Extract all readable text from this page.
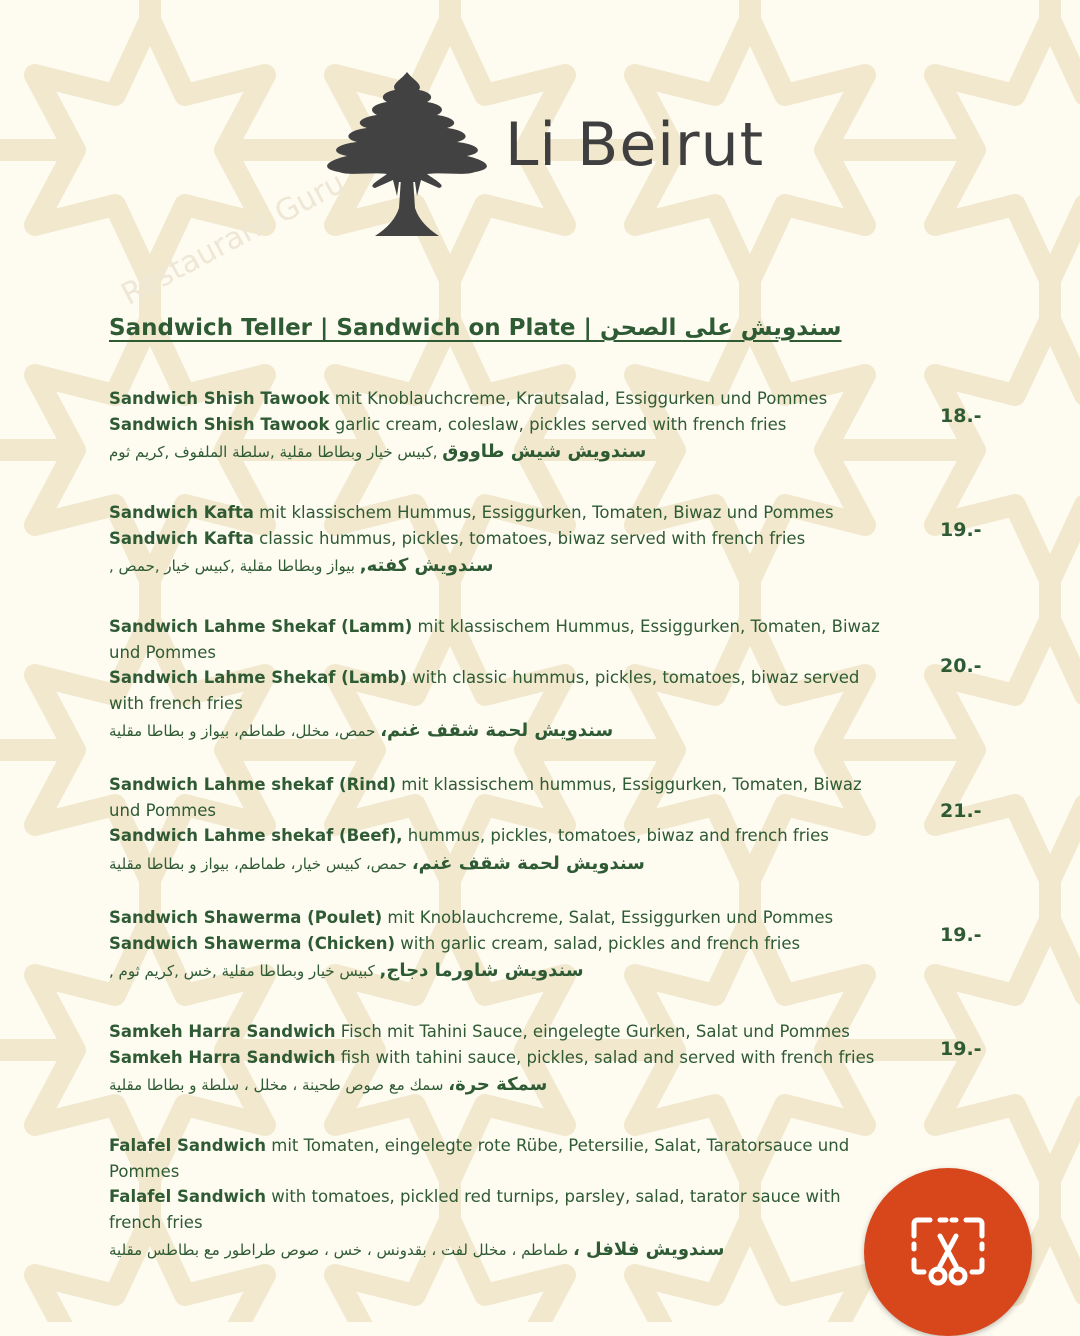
Restaurant Guru
Li Beirut
Sandwich Teller | Sandwich on Plate | سندويش على الصحن
Sandwich Shish Tawook mit Knoblauchcreme, Krautsalad, Essiggurken und Pommes
Sandwich Shish Tawook garlic cream, coleslaw, pickles served with french fries
سندويش شيش طاووق ,كبيس خيار وبطاطا مقلية ,سلطة الملفوف ,كريم ثوم
18.-
Sandwich Kafta mit klassischem Hummus, Essiggurken, Tomaten, Biwaz und Pommes
Sandwich Kafta classic hummus, pickles, tomatoes, biwaz served with french fries
سندويش كفته, بيواز وبطاطا مقلية ,كبيس خيار ,حمص ,
19.-
Sandwich Lahme Shekaf (Lamm) mit klassischem Hummus, Essiggurken, Tomaten, Biwaz und Pommes
Sandwich Lahme Shekaf (Lamb) with classic hummus, pickles, tomatoes, biwaz served with french fries
سندويش لحمة شقف غنم، حمص، مخلل، طماطم، بيواز و بطاطا مقلية
20.-
Sandwich Lahme shekaf (Rind) mit klassischem hummus, Essiggurken, Tomaten, Biwaz und Pommes
Sandwich Lahme shekaf (Beef), hummus, pickles, tomatoes, biwaz and french fries
سندويش لحمة شقف غنم، حمص، كبيس خيار، طماطم، بيواز و بطاطا مقلية
21.-
Sandwich Shawerma (Poulet) mit Knoblauchcreme, Salat, Essiggurken und Pommes
Sandwich Shawerma (Chicken) with garlic cream, salad, pickles and french fries
سندويش شاورما دجاج, كبيس خيار وبطاطا مقلية ,خس ,كريم ثوم ,
19.-
Samkeh Harra Sandwich Fisch mit Tahini Sauce, eingelegte Gurken, Salat und Pommes
Samkeh Harra Sandwich fish with tahini sauce, pickles, salad and served with french fries
سمكة حرة، سمك مع صوص طحينة ، مخلل ، سلطة و بطاطا مقلية
19.-
Falafel Sandwich mit Tomaten, eingelegte rote Rübe, Petersilie, Salat, Taratorsauce und Pommes
Falafel Sandwich with tomatoes, pickled red turnips, parsley, salad, tarator sauce with french fries
سندويش فلافل ، طماطم ، مخلل لفت ، بقدونس ، خس ، صوص طراطور مع بطاطس مقلية
